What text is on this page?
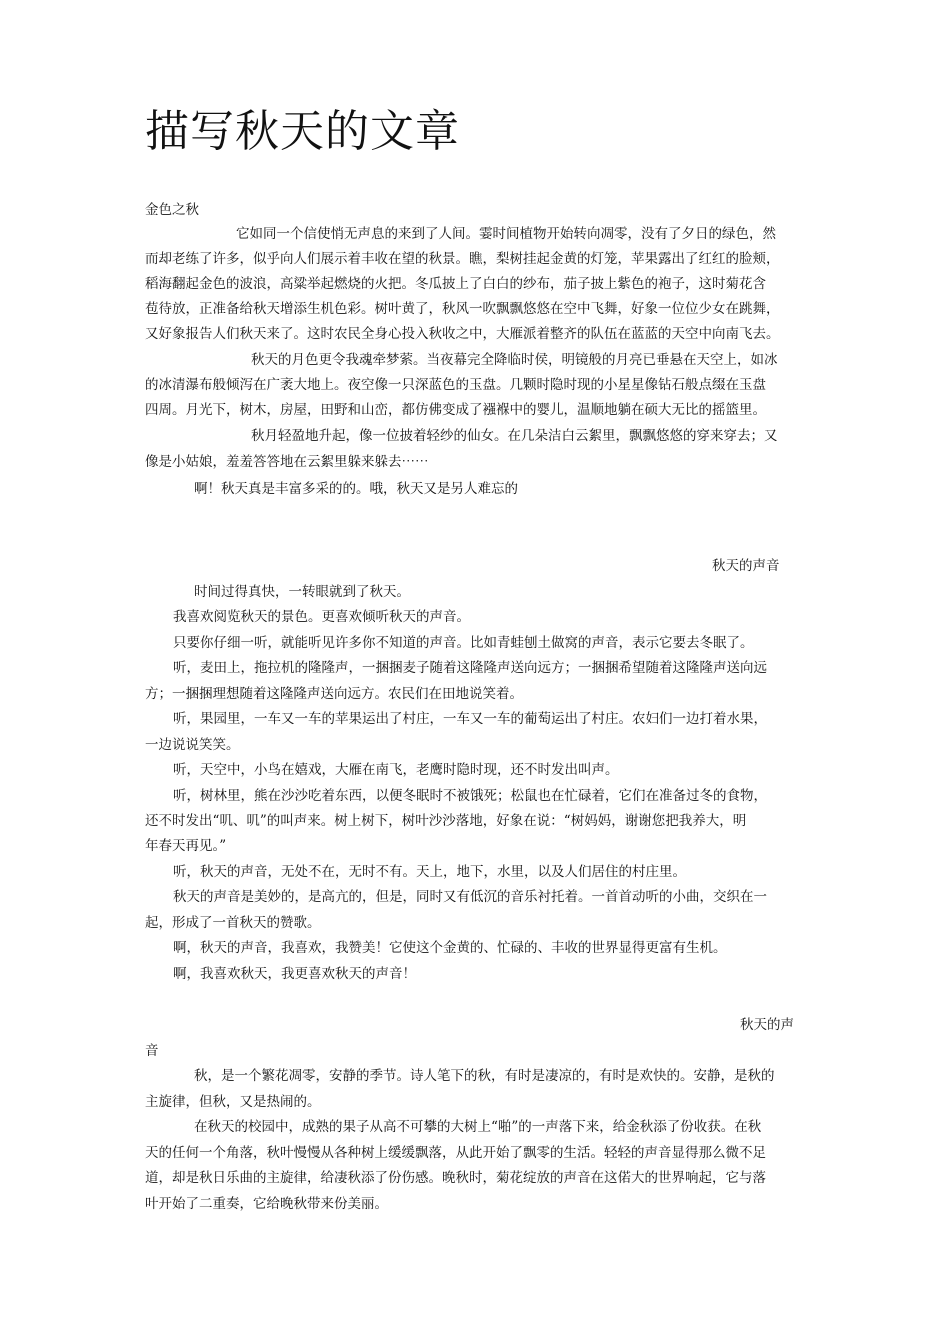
描写秋天的文章
金色之秋
它如同一个信使悄无声息的来到了人间。霎时间植物开始转向凋零，没有了夕日的绿色，然
而却老练了许多，似乎向人们展示着丰收在望的秋景。瞧，梨树挂起金黄的灯笼，苹果露出了红红的脸颊，
稻海翻起金色的波浪，高粱举起燃烧的火把。冬瓜披上了白白的纱布，茄子披上紫色的袍子，这时菊花含
苞待放，正准备给秋天增添生机色彩。树叶黄了，秋风一吹飘飘悠悠在空中飞舞，好象一位位少女在跳舞，
又好象报告人们秋天来了。这时农民全身心投入秋收之中，大雁派着整齐的队伍在蓝蓝的天空中向南飞去。
秋天的月色更令我魂牵梦萦。当夜幕完全降临时侯，明镜般的月亮已垂悬在天空上，如冰
的冰清瀑布般倾泻在广袤大地上。夜空像一只深蓝色的玉盘。几颗时隐时现的小星星像钻石般点缀在玉盘
四周。月光下，树木，房屋，田野和山峦，都仿佛变成了襁褓中的婴儿，温顺地躺在硕大无比的摇篮里。
秋月轻盈地升起，像一位披着轻纱的仙女。在几朵洁白云絮里，飘飘悠悠的穿来穿去；又
像是小姑娘，羞羞答答地在云絮里躲来躲去⋯⋯
啊！秋天真是丰富多采的的。哦，秋天又是另人难忘的
秋天的声音
时间过得真快，一转眼就到了秋天。
我喜欢阅览秋天的景色。更喜欢倾听秋天的声音。
只要你仔细一听，就能听见许多你不知道的声音。比如青蛙刨土做窝的声音，表示它要去冬眠了。
听，麦田上，拖拉机的隆隆声，一捆捆麦子随着这隆隆声送向远方；一捆捆希望随着这隆隆声送向远
方；一捆捆理想随着这隆隆声送向远方。农民们在田地说笑着。
听，果园里，一车又一车的苹果运出了村庄，一车又一车的葡萄运出了村庄。农妇们一边打着水果，
一边说说笑笑。
听，天空中，小鸟在嬉戏，大雁在南飞，老鹰时隐时现，还不时发出叫声。
听，树林里，熊在沙沙吃着东西，以便冬眠时不被饿死；松鼠也在忙碌着，它们在准备过冬的食物，
还不时发出“叽、叽”的叫声来。树上树下，树叶沙沙落地，好象在说：“树妈妈，谢谢您把我养大，明
年春天再见。”
听，秋天的声音，无处不在，无时不有。天上，地下，水里，以及人们居住的村庄里。
秋天的声音是美妙的，是高亢的，但是，同时又有低沉的音乐衬托着。一首首动听的小曲，交织在一
起，形成了一首秋天的赞歌。
啊，秋天的声音，我喜欢，我赞美！它使这个金黄的、忙碌的、丰收的世界显得更富有生机。
啊，我喜欢秋天，我更喜欢秋天的声音！
秋天的声
音
秋，是一个繁花凋零，安静的季节。诗人笔下的秋，有时是凄凉的，有时是欢快的。安静，是秋的
主旋律，但秋，又是热闹的。
在秋天的校园中，成熟的果子从高不可攀的大树上“啪”的一声落下来，给金秋添了份收获。在秋
天的任何一个角落，秋叶慢慢从各种树上缓缓飘落，从此开始了飘零的生活。轻轻的声音显得那么微不足
道，却是秋日乐曲的主旋律，给凄秋添了份伤感。晚秋时，菊花绽放的声音在这偌大的世界响起，它与落
叶开始了二重奏，它给晚秋带来份美丽。
